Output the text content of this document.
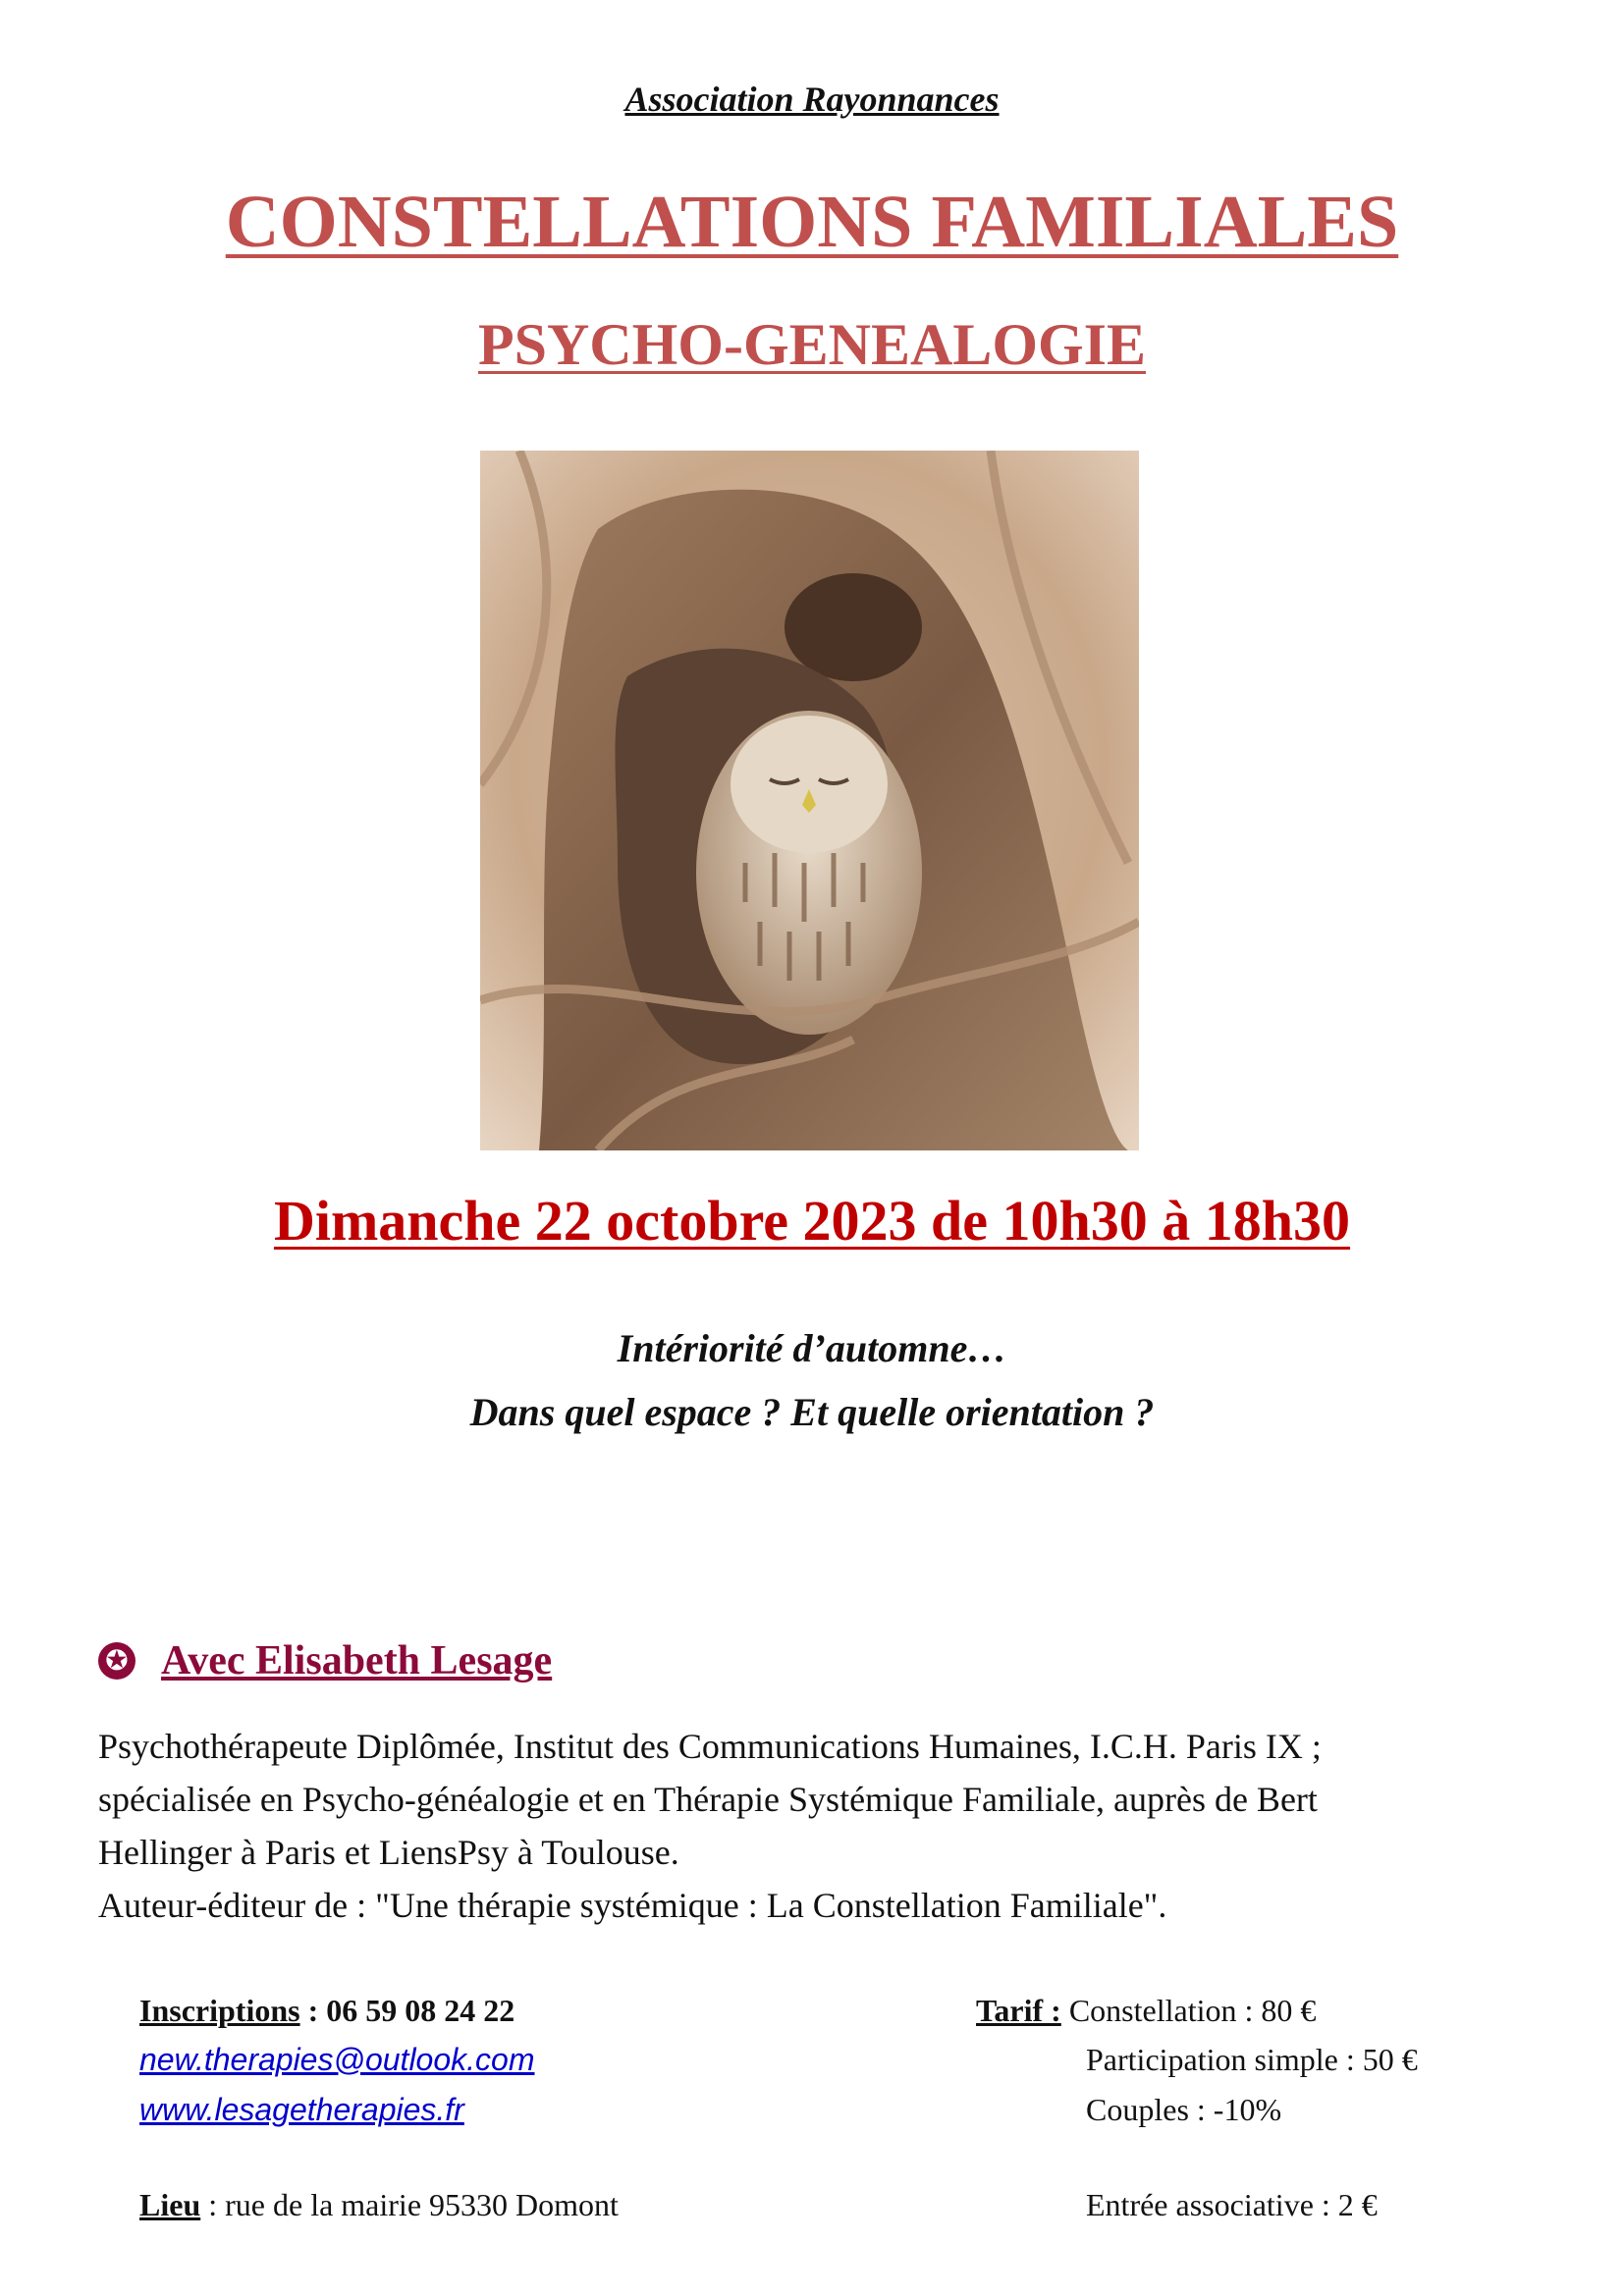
Association Rayonnances
CONSTELLATIONS FAMILIALES
PSYCHO-GENEALOGIE
Dimanche 22 octobre 2023 de 10h30 à 18h30
Intériorité d’automne…
Dans quel espace ? Et quelle orientation ?
✪ Avec Elisabeth Lesage
Psychothérapeute Diplômée, Institut des Communications Humaines, I.C.H. Paris IX ;
spécialisée en Psycho-généalogie et en Thérapie Systémique Familiale, auprès de Bert
Hellinger à Paris et LiensPsy à Toulouse.
Auteur-éditeur de : "Une thérapie systémique : La Constellation Familiale".
Inscriptions : 06 59 08 24 22
new.therapies@outlook.com
www.lesagetherapies.fr
Lieu : rue de la mairie 95330 Domont
Tarif : Constellation : 80 €
Participation simple : 50 €
Couples : -10%
Entrée associative : 2 €
